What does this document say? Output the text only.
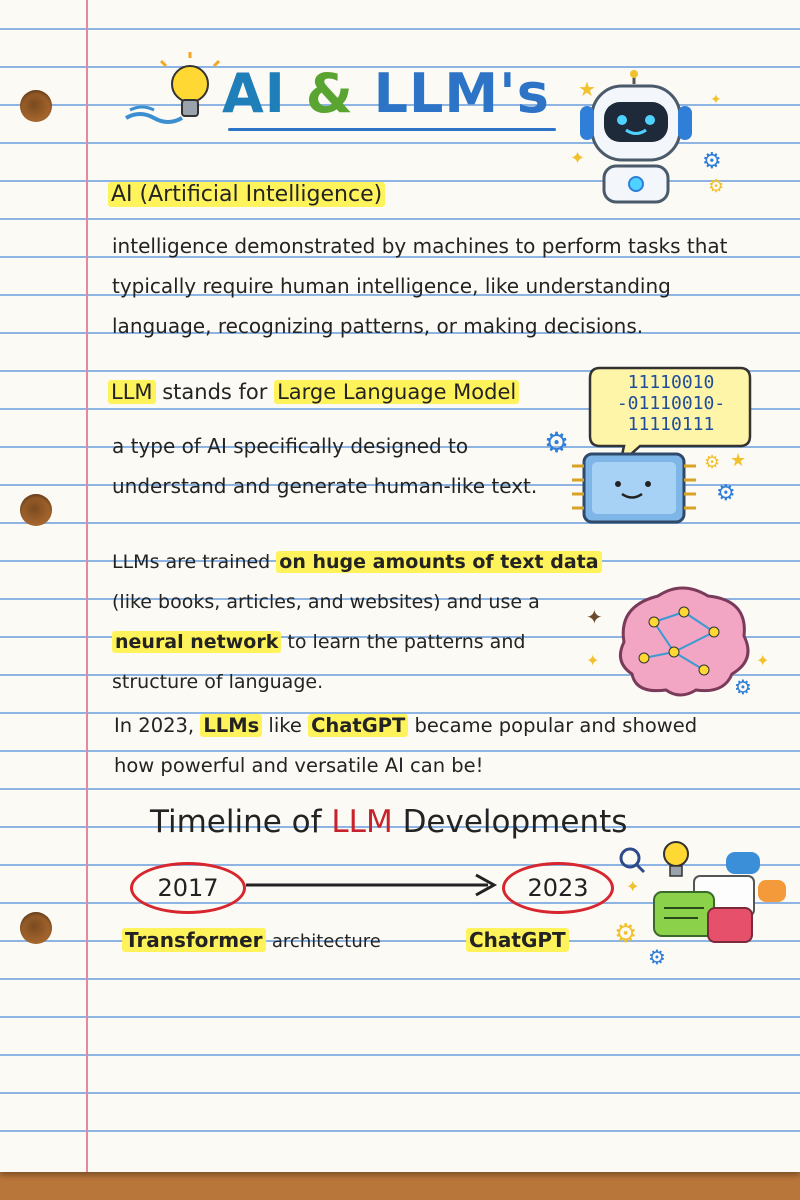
AI & LLM's ★
✦
✦
⚙
⚙
AI (Artificial Intelligence)
intelligence demonstrated by machines to perform tasks that
typically require human intelligence, like understanding
language, recognizing patterns, or making decisions.
LLM stands for Large Language Model
a type of AI specifically designed to
understand and generate human-like text.
11110010
-01110010-
11110111
⚙
⚙ ★
⚙
LLMs are trained on huge amounts of text data
(like books, articles, and websites) and use a
neural network to learn the patterns and
structure of language.
✦
✦
⚙
✦
In 2023, LLMs like ChatGPT became popular and showed
how powerful and versatile AI can be!
Timeline of LLM Developments
2017	2023
Transformer architecture	ChatGPT ⚙
⚙
✦
